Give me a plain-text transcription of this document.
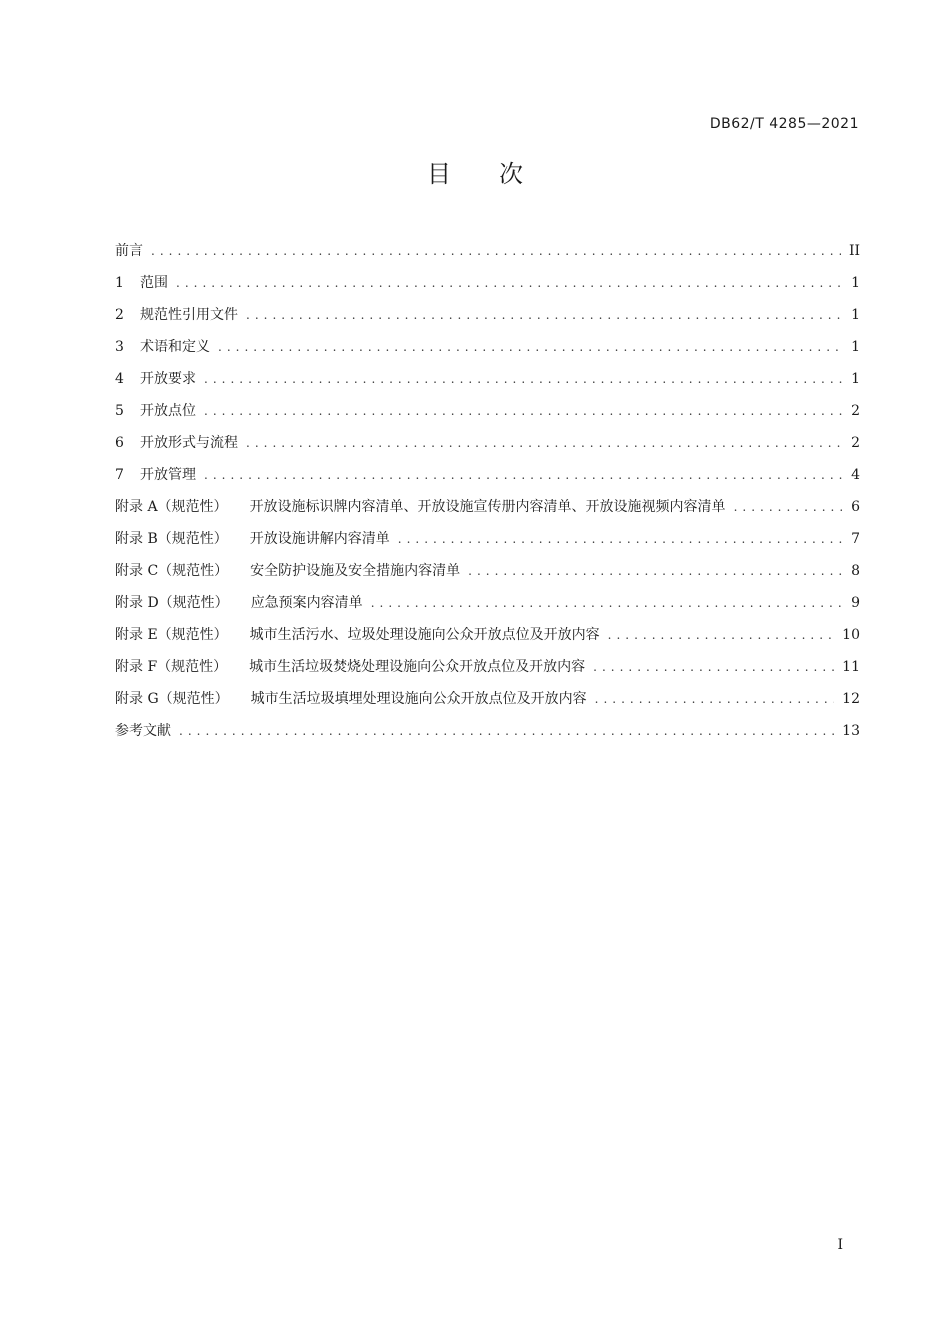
DB62/T 4285—2021
目次
前言 .....	II
1	范围 .....	1
2	规范性引用文件 .....	1
3	术语和定义 .....	1
4	开放要求 .....	1
5	开放点位 .....	2
6	开放形式与流程 .....	2
7	开放管理 .....	4
附录 A（规范性） 开放设施标识牌内容清单、开放设施宣传册内容清单、开放设施视频内容清单 .....	6
附录 B（规范性） 开放设施讲解内容清单 .....	7
附录 C（规范性） 安全防护设施及安全措施内容清单 .....	8
附录 D（规范性） 应急预案内容清单 .....	9
附录 E（规范性） 城市生活污水、垃圾处理设施向公众开放点位及开放内容 .....	10
附录 F（规范性） 城市生活垃圾焚烧处理设施向公众开放点位及开放内容 .....	11
附录 G（规范性） 城市生活垃圾填埋处理设施向公众开放点位及开放内容 .....	12
参考文献 .....	13
I
